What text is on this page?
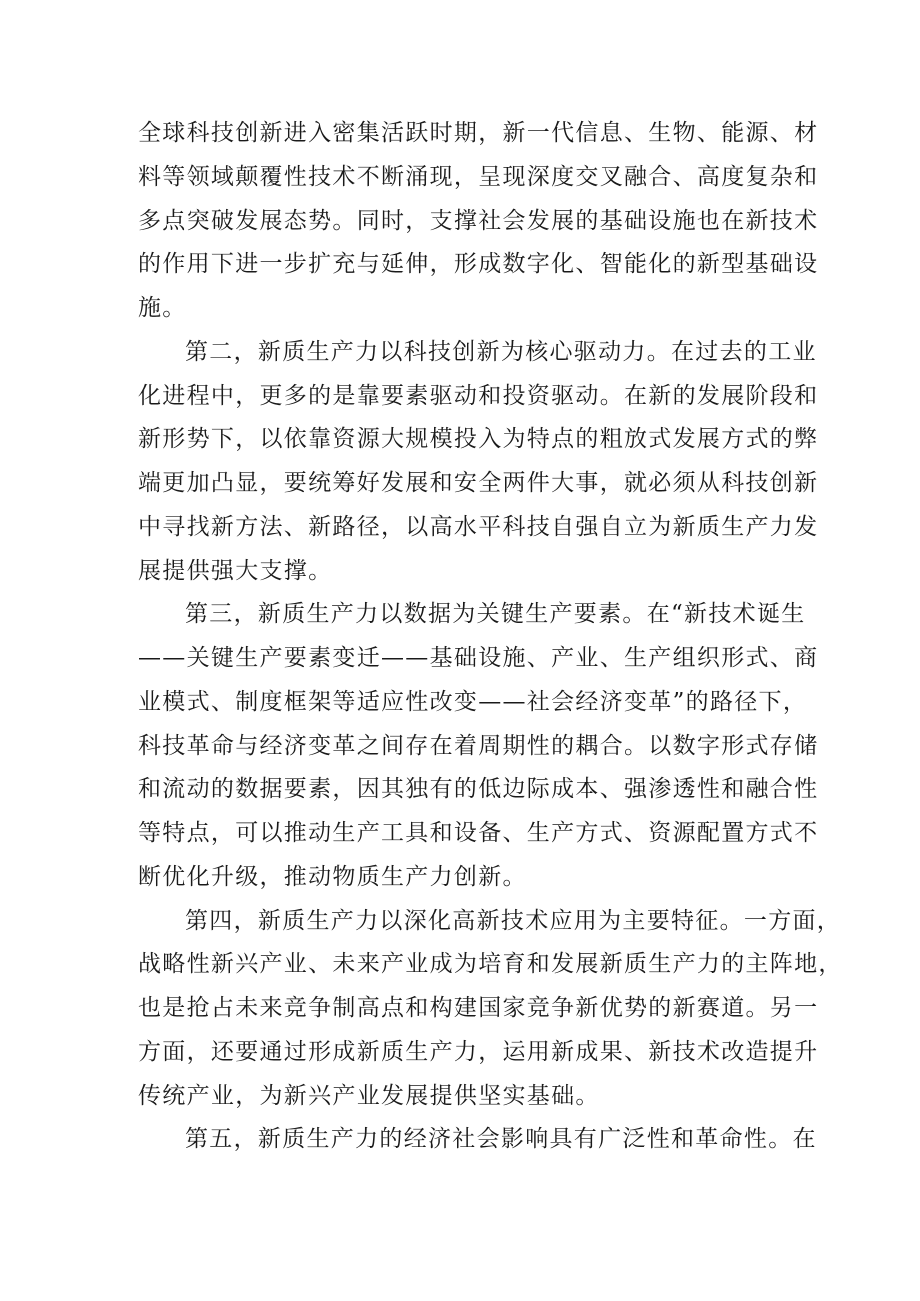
全球科技创新进入密集活跃时期，新一代信息、生物、能源、材
料等领域颠覆性技术不断涌现，呈现深度交叉融合、高度复杂和
多点突破发展态势。同时，支撑社会发展的基础设施也在新技术
的作用下进一步扩充与延伸，形成数字化、智能化的新型基础设
施。
第二，新质生产力以科技创新为核心驱动力。在过去的工业
化进程中，更多的是靠要素驱动和投资驱动。在新的发展阶段和
新形势下，以依靠资源大规模投入为特点的粗放式发展方式的弊
端更加凸显，要统筹好发展和安全两件大事，就必须从科技创新
中寻找新方法、新路径，以高水平科技自强自立为新质生产力发
展提供强大支撑。
第三，新质生产力以数据为关键生产要素。在“新技术诞生
——关键生产要素变迁——基础设施、产业、生产组织形式、商
业模式、制度框架等适应性改变——社会经济变革”的路径下，
科技革命与经济变革之间存在着周期性的耦合。以数字形式存储
和流动的数据要素，因其独有的低边际成本、强渗透性和融合性
等特点，可以推动生产工具和设备、生产方式、资源配置方式不
断优化升级，推动物质生产力创新。
第四，新质生产力以深化高新技术应用为主要特征。一方面，
战略性新兴产业、未来产业成为培育和发展新质生产力的主阵地，
也是抢占未来竞争制高点和构建国家竞争新优势的新赛道。另一
方面，还要通过形成新质生产力，运用新成果、新技术改造提升
传统产业，为新兴产业发展提供坚实基础。
第五，新质生产力的经济社会影响具有广泛性和革命性。在
